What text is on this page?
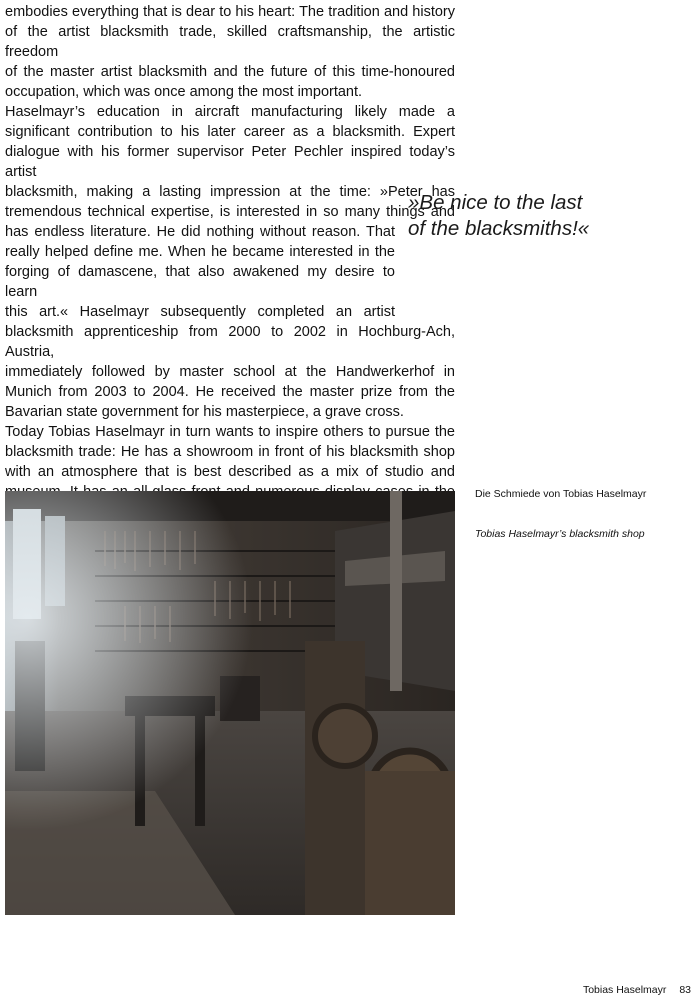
embodies everything that is dear to his heart: The tradition and history
of the artist blacksmith trade, skilled craftsmanship, the artistic freedom
of the master artist blacksmith and the future of this time-honoured
occupation, which was once among the most important.

Haselmayr’s education in aircraft manufacturing likely made a
significant contribution to his later career as a blacksmith. Expert
dialogue with his former supervisor Peter Pechler inspired today’s artist
blacksmith, making a lasting impression at the time: »Peter has
tremendous technical expertise, is interested in so many things and
has endless literature. He did nothing without reason. That
really helped define me. When he became interested in the
forging of damascene, that also awakened my desire to learn
this art.« Haselmayr subsequently completed an artist
blacksmith apprenticeship from 2000 to 2002 in Hochburg-Ach, Austria,
immediately followed by master school at the Handwerkerhof in
Munich from 2003 to 2004. He received the master prize from the
Bavarian state government for his masterpiece, a grave cross.

Today Tobias Haselmayr in turn wants to inspire others to pursue the
blacksmith trade: He has a showroom in front of his blacksmith shop
with an atmosphere that is best described as a mix of studio and

»Be nice to the last
of the blacksmiths!«

Die Schmiede von Tobias Haselmayr

Tobias Haselmayr’s blacksmith shop

Tobias Haselmayr 83
